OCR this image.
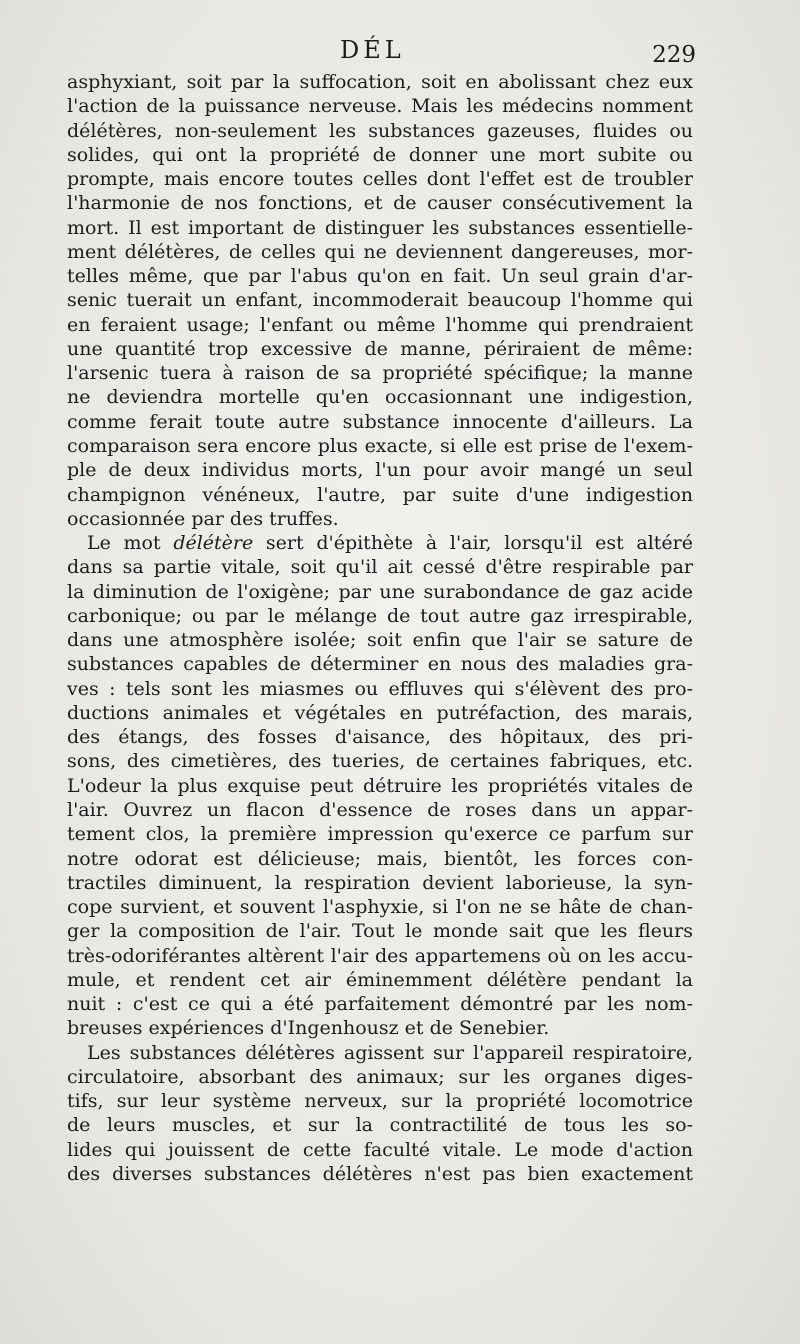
DÉL	229
asphyxiant, soit par la suffocation, soit en abolissant chez eux
l'action de la puissance nerveuse. Mais les médecins nomment
délétères, non-seulement les substances gazeuses, fluides ou
solides, qui ont la propriété de donner une mort subite ou
prompte, mais encore toutes celles dont l'effet est de troubler
l'harmonie de nos fonctions, et de causer consécutivement la
mort. Il est important de distinguer les substances essentielle-
ment délétères, de celles qui ne deviennent dangereuses, mor-
telles même, que par l'abus qu'on en fait. Un seul grain d'ar-
senic tuerait un enfant, incommoderait beaucoup l'homme qui
en feraient usage; l'enfant ou même l'homme qui prendraient
une quantité trop excessive de manne, périraient de même:
l'arsenic tuera à raison de sa propriété spécifique; la manne
ne deviendra mortelle qu'en occasionnant une indigestion,
comme ferait toute autre substance innocente d'ailleurs. La
comparaison sera encore plus exacte, si elle est prise de l'exem-
ple de deux individus morts, l'un pour avoir mangé un seul
champignon vénéneux, l'autre, par suite d'une indigestion
occasionnée par des truffes.
Le mot délétère sert d'épithète à l'air, lorsqu'il est altéré
dans sa partie vitale, soit qu'il ait cessé d'être respirable par
la diminution de l'oxigène; par une surabondance de gaz acide
carbonique; ou par le mélange de tout autre gaz irrespirable,
dans une atmosphère isolée; soit enfin que l'air se sature de
substances capables de déterminer en nous des maladies gra-
ves : tels sont les miasmes ou effluves qui s'élèvent des pro-
ductions animales et végétales en putréfaction, des marais,
des étangs, des fosses d'aisance, des hôpitaux, des pri-
sons, des cimetières, des tueries, de certaines fabriques, etc.
L'odeur la plus exquise peut détruire les propriétés vitales de
l'air. Ouvrez un flacon d'essence de roses dans un appar-
tement clos, la première impression qu'exerce ce parfum sur
notre odorat est délicieuse; mais, bientôt, les forces con-
tractiles diminuent, la respiration devient laborieuse, la syn-
cope survient, et souvent l'asphyxie, si l'on ne se hâte de chan-
ger la composition de l'air. Tout le monde sait que les fleurs
très-odoriférantes altèrent l'air des appartemens où on les accu-
mule, et rendent cet air éminemment délétère pendant la
nuit : c'est ce qui a été parfaitement démontré par les nom-
breuses expériences d'Ingenhousz et de Senebier.
Les substances délétères agissent sur l'appareil respiratoire,
circulatoire, absorbant des animaux; sur les organes diges-
tifs, sur leur système nerveux, sur la propriété locomotrice
de leurs muscles, et sur la contractilité de tous les so-
lides qui jouissent de cette faculté vitale. Le mode d'action
des diverses substances délétères n'est pas bien exactement
